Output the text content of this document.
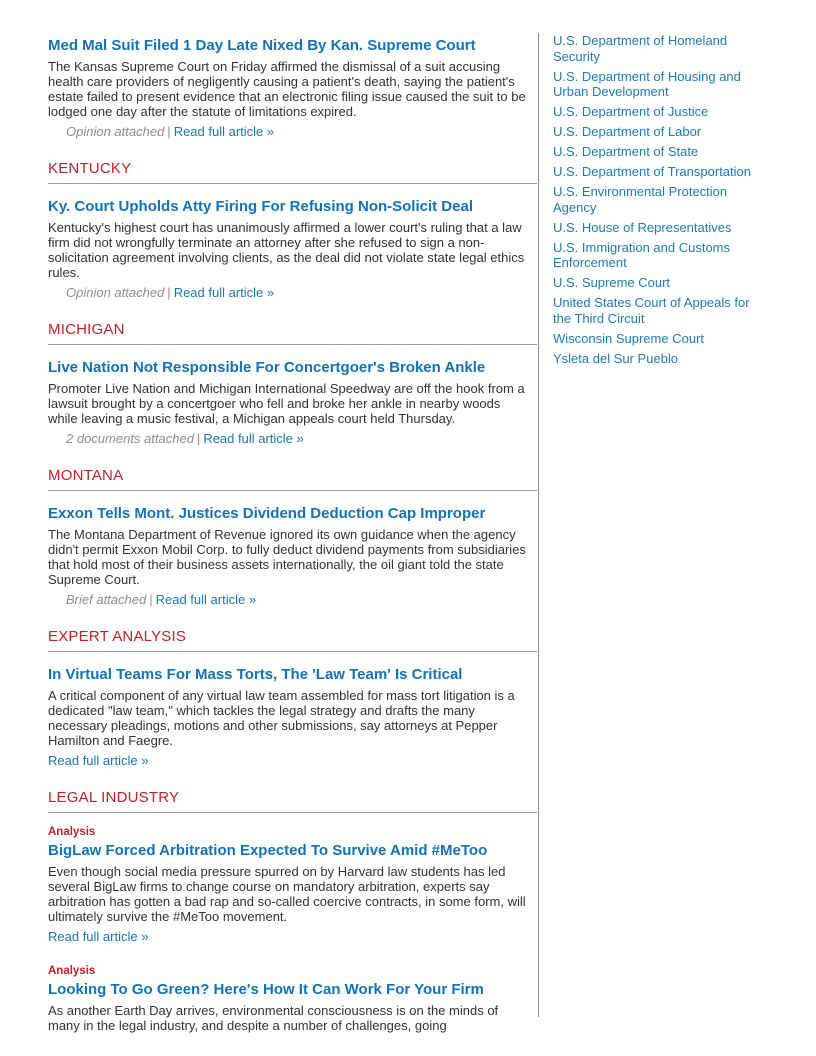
Med Mal Suit Filed 1 Day Late Nixed By Kan. Supreme Court

The Kansas Supreme Court on Friday affirmed the dismissal of a suit accusing health care providers of negligently causing a patient's death, saying the patient's estate failed to present evidence that an electronic filing issue caused the suit to be lodged one day after the statute of limitations expired.

Opinion attached | Read full article »
KENTUCKY
Ky. Court Upholds Atty Firing For Refusing Non-Solicit Deal

Kentucky's highest court has unanimously affirmed a lower court's ruling that a law firm did not wrongfully terminate an attorney after she refused to sign a non-solicitation agreement involving clients, as the deal did not violate state legal ethics rules.

Opinion attached | Read full article »
MICHIGAN
Live Nation Not Responsible For Concertgoer's Broken Ankle

Promoter Live Nation and Michigan International Speedway are off the hook from a lawsuit brought by a concertgoer who fell and broke her ankle in nearby woods while leaving a music festival, a Michigan appeals court held Thursday.

2 documents attached | Read full article »
MONTANA
Exxon Tells Mont. Justices Dividend Deduction Cap Improper

The Montana Department of Revenue ignored its own guidance when the agency didn't permit Exxon Mobil Corp. to fully deduct dividend payments from subsidiaries that hold most of their business assets internationally, the oil giant told the state Supreme Court.

Brief attached | Read full article »
EXPERT ANALYSIS
In Virtual Teams For Mass Torts, The 'Law Team' Is Critical

A critical component of any virtual law team assembled for mass tort litigation is a dedicated "law team," which tackles the legal strategy and drafts the many necessary pleadings, motions and other submissions, say attorneys at Pepper Hamilton and Faegre.

Read full article »
LEGAL INDUSTRY
Analysis
BigLaw Forced Arbitration Expected To Survive Amid #MeToo

Even though social media pressure spurred on by Harvard law students has led several BigLaw firms to change course on mandatory arbitration, experts say arbitration has gotten a bad rap and so-called coercive contracts, in some form, will ultimately survive the #MeToo movement.

Read full article »
Analysis
Looking To Go Green? Here's How It Can Work For Your Firm

As another Earth Day arrives, environmental consciousness is on the minds of many in the legal industry, and despite a number of challenges, going

U.S. Department of Homeland Security
U.S. Department of Housing and Urban Development
U.S. Department of Justice
U.S. Department of Labor
U.S. Department of State
U.S. Department of Transportation
U.S. Environmental Protection Agency
U.S. House of Representatives
U.S. Immigration and Customs Enforcement
U.S. Supreme Court
United States Court of Appeals for the Third Circuit
Wisconsin Supreme Court
Ysleta del Sur Pueblo
